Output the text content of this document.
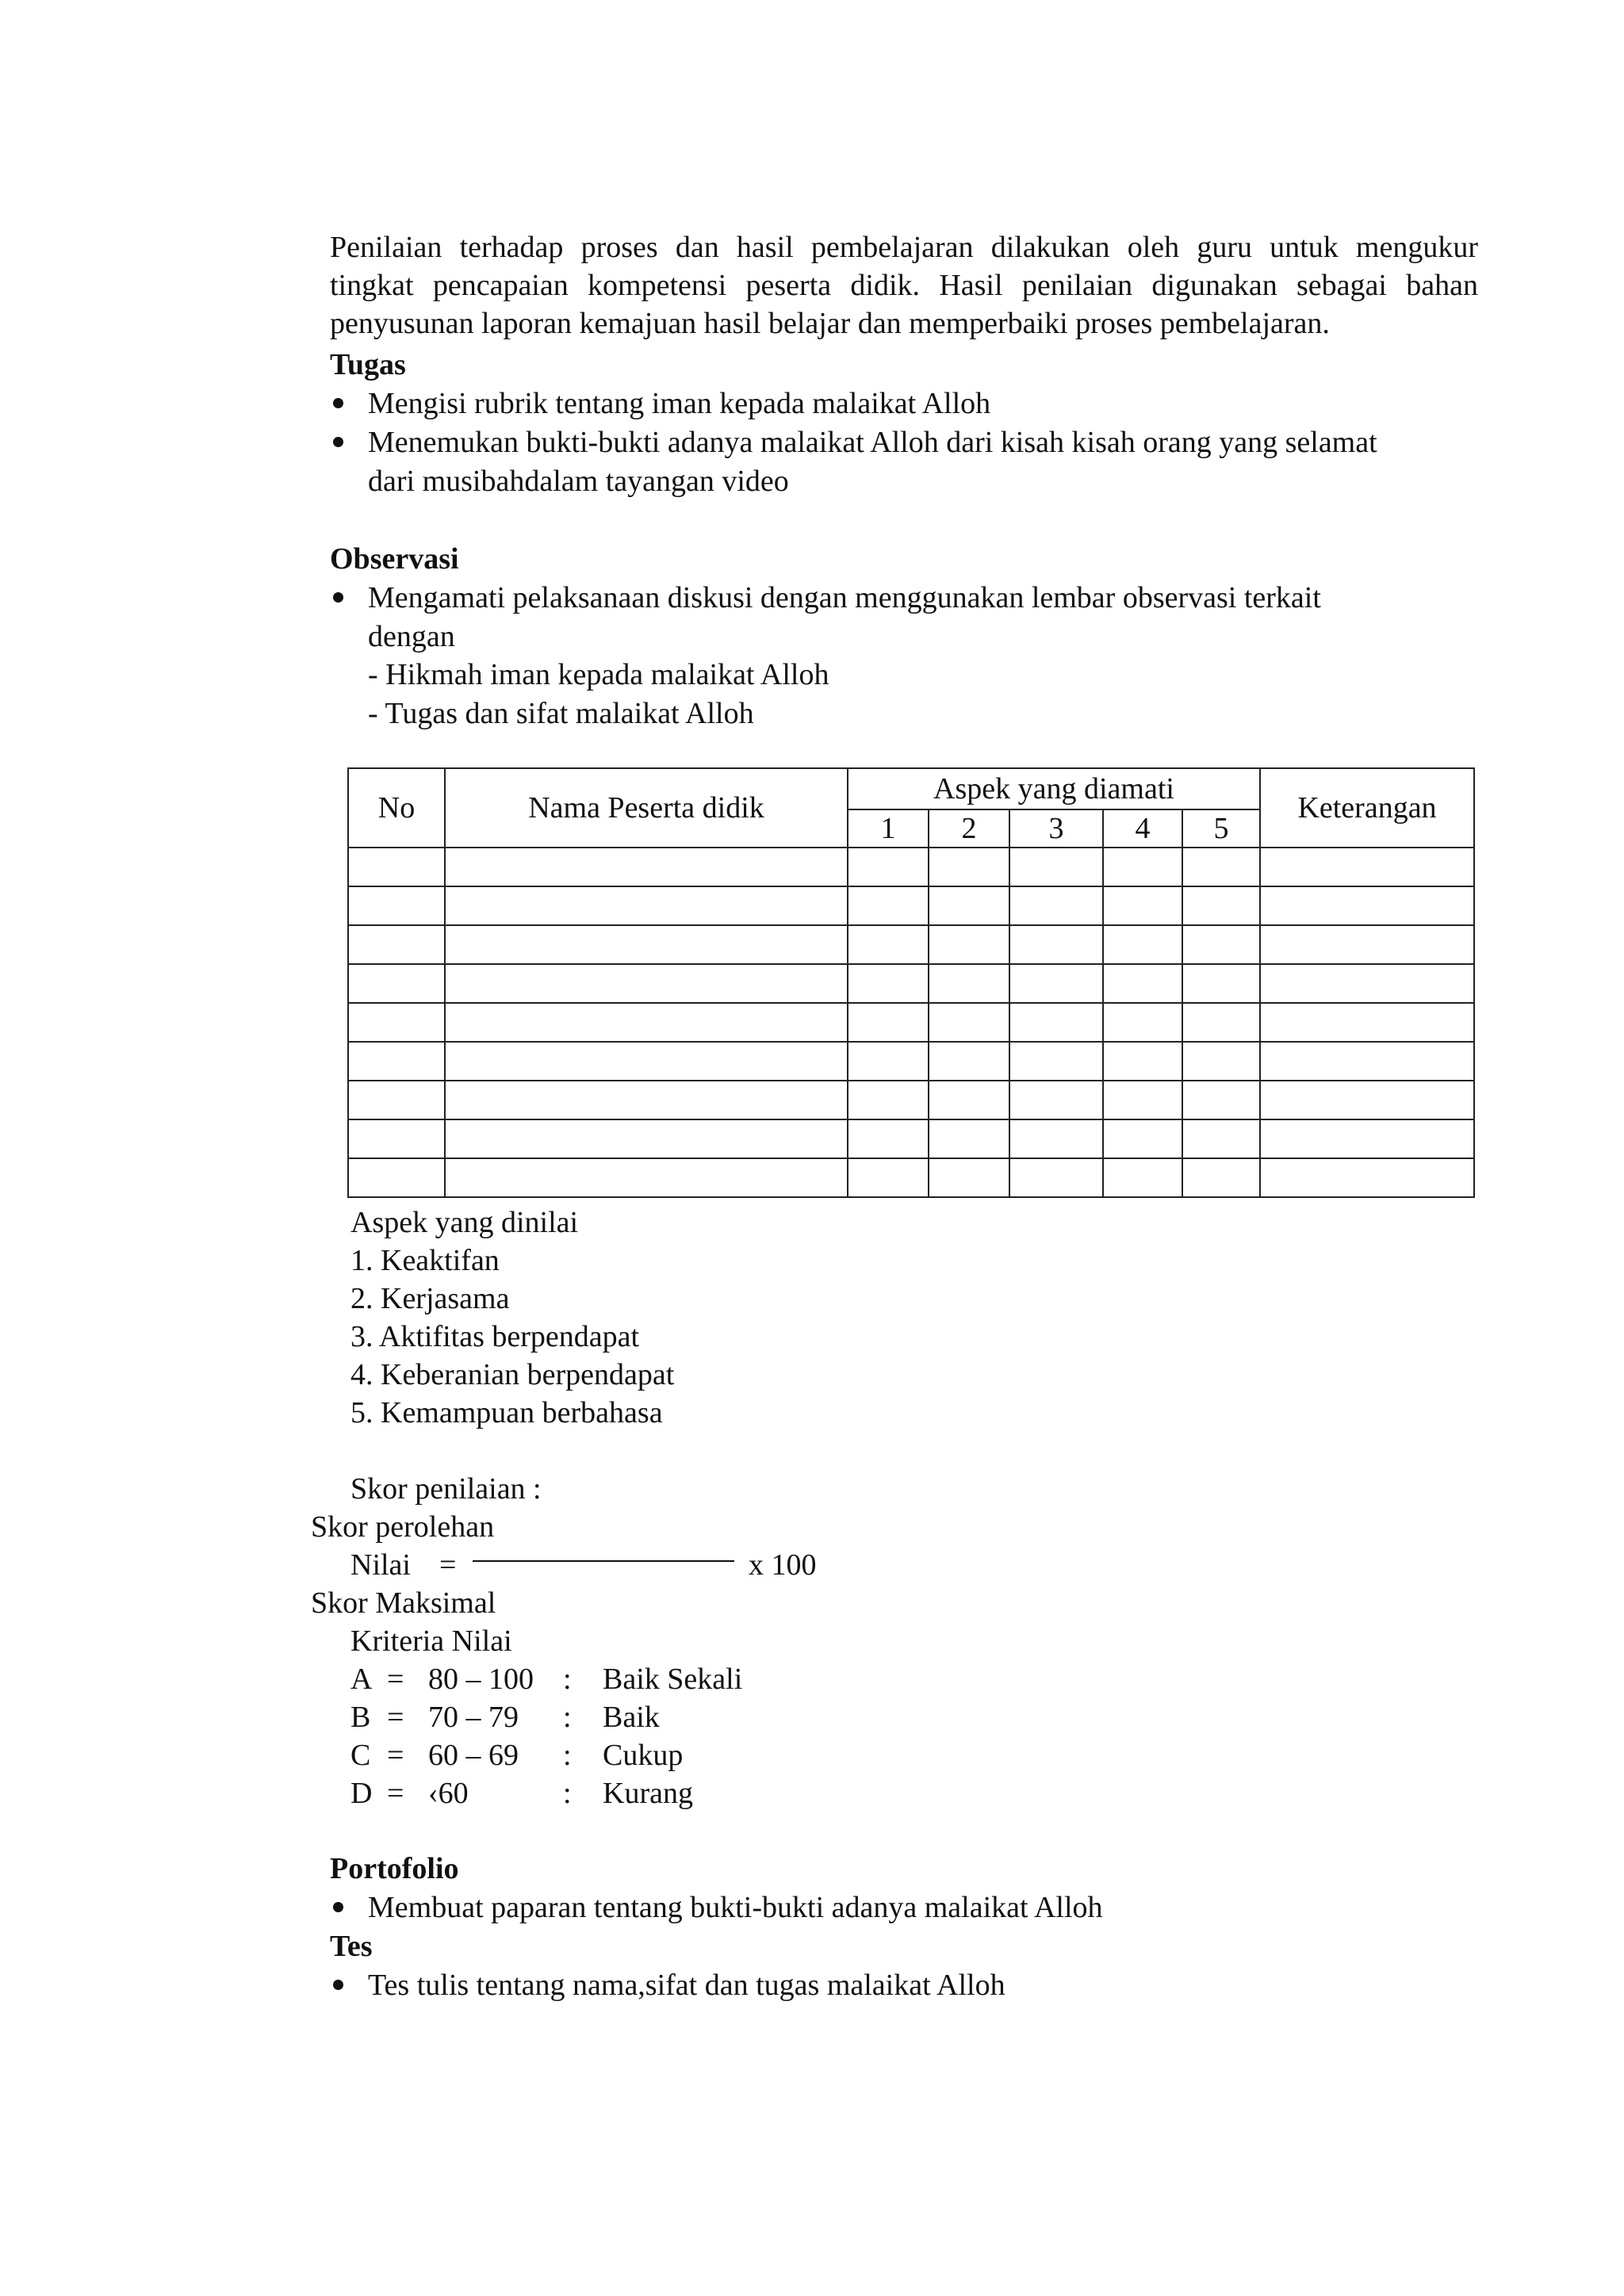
Penilaian terhadap proses dan hasil pembelajaran dilakukan oleh guru untuk mengukur
tingkat pencapaian kompetensi peserta didik. Hasil penilaian digunakan sebagai bahan
penyusunan laporan kemajuan hasil belajar dan memperbaiki proses pembelajaran.
Tugas
Mengisi rubrik tentang iman kepada malaikat Alloh
Menemukan bukti-bukti adanya malaikat Alloh dari kisah kisah orang yang selamat
dari musibahdalam tayangan video
Observasi
Mengamati pelaksanaan diskusi dengan menggunakan lembar observasi terkait
dengan
- Hikmah iman kepada malaikat Alloh
- Tugas dan sifat malaikat Alloh
No	Nama Peserta didik	Aspek yang diamati					Keterangan
		1	2	3	4	5	

Aspek yang dinilai
1. Keaktifan
2. Kerjasama
3. Aktifitas berpendapat
4. Keberanian berpendapat
5. Kemampuan berbahasa
Skor penilaian :
Skor perolehan
Nilai =	x 100
Skor Maksimal
Kriteria Nilai
A = 80 – 100 : Baik Sekali
B = 70 – 79 : Baik
C = 60 – 69 : Cukup
D = ‹60	: Kurang
Portofolio
Membuat paparan tentang bukti-bukti adanya malaikat Alloh
Tes
Tes tulis tentang nama,sifat dan tugas malaikat Alloh
